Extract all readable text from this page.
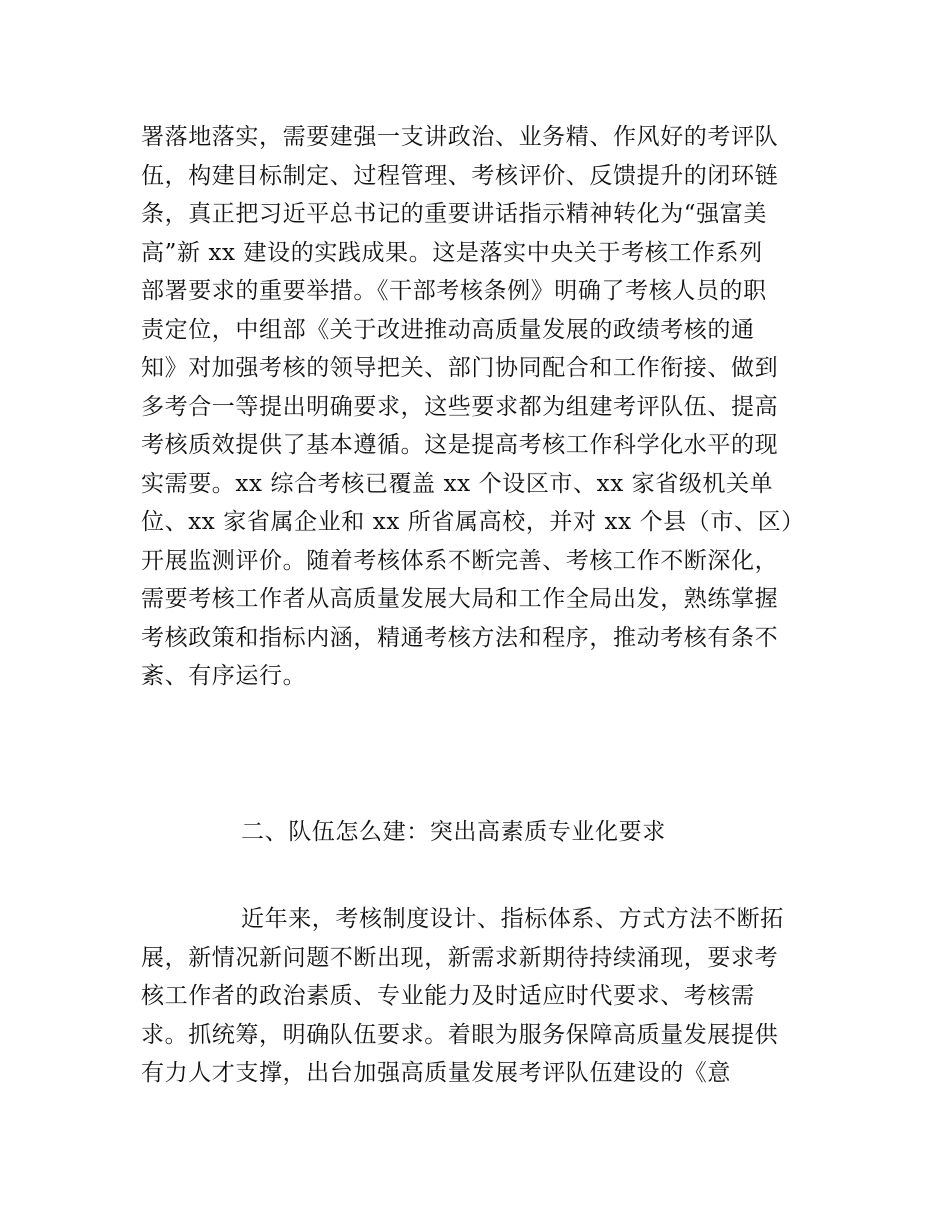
署落地落实，需要建强一支讲政治、业务精、作风好的考评队
伍，构建目标制定、过程管理、考核评价、反馈提升的闭环链
条，真正把习近平总书记的重要讲话指示精神转化为“强富美
高”新 xx 建设的实践成果。这是落实中央关于考核工作系列
部署要求的重要举措。《干部考核条例》明确了考核人员的职
责定位，中组部《关于改进推动高质量发展的政绩考核的通
知》对加强考核的领导把关、部门协同配合和工作衔接、做到
多考合一等提出明确要求，这些要求都为组建考评队伍、提高
考核质效提供了基本遵循。这是提高考核工作科学化水平的现
实需要。xx 综合考核已覆盖 xx 个设区市、xx 家省级机关单
位、xx 家省属企业和 xx 所省属高校，并对 xx 个县（市、区）
开展监测评价。随着考核体系不断完善、考核工作不断深化，
需要考核工作者从高质量发展大局和工作全局出发，熟练掌握
考核政策和指标内涵，精通考核方法和程序，推动考核有条不
紊、有序运行。
二、队伍怎么建：突出高素质专业化要求
近年来，考核制度设计、指标体系、方式方法不断拓
展，新情况新问题不断出现，新需求新期待持续涌现，要求考
核工作者的政治素质、专业能力及时适应时代要求、考核需
求。抓统筹，明确队伍要求。着眼为服务保障高质量发展提供
有力人才支撑，出台加强高质量发展考评队伍建设的《意
